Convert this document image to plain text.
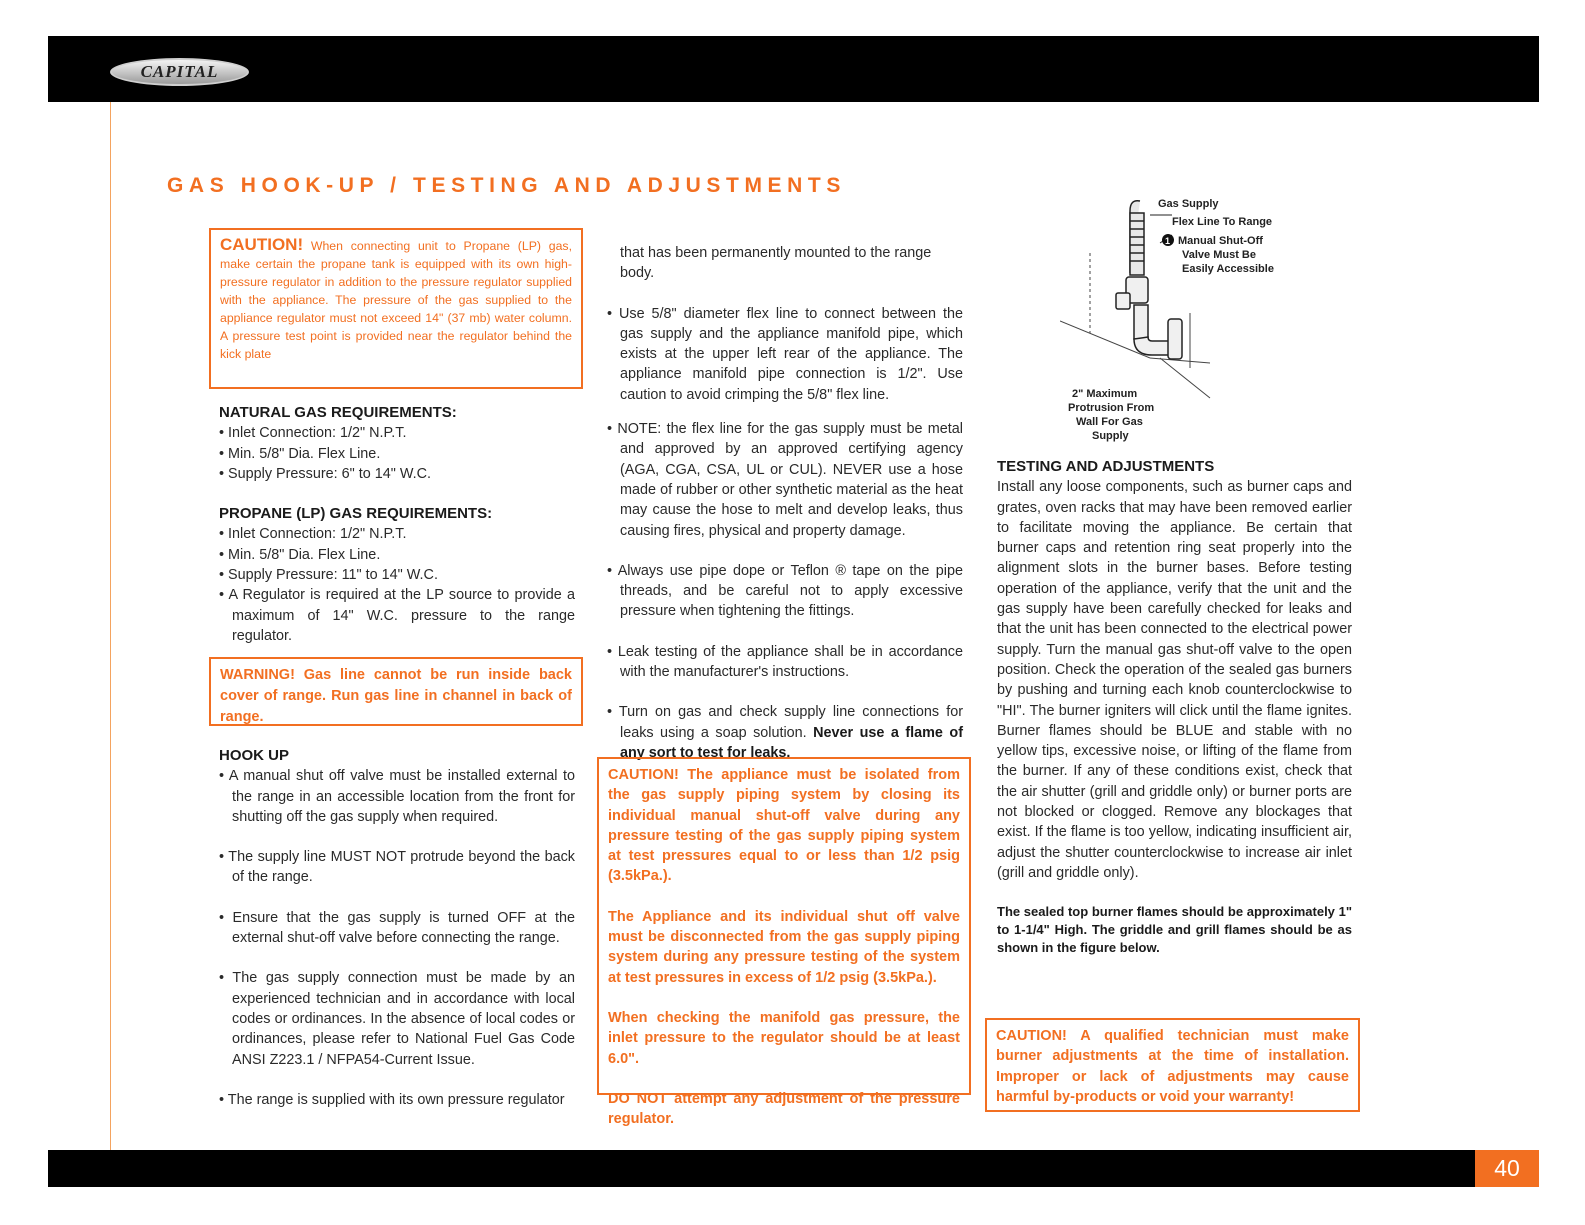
CAPITAL
GAS HOOK-UP / TESTING AND ADJUSTMENTS
CAUTION! When connecting unit to Propane (LP) gas, make certain the propane tank is equipped with its own high-pressure regulator in addition to the pressure regulator supplied with the appliance. The pressure of the gas supplied to the appliance regulator must not exceed 14" (37 mb) water column. A pressure test point is provided near the regulator behind the kick plate
NATURAL GAS REQUIREMENTS:

• Inlet Connection: 1/2" N.P.T.

• Min. 5/8" Dia. Flex Line.

• Supply Pressure: 6" to 14" W.C.

PROPANE (LP) GAS REQUIREMENTS:

• Inlet Connection: 1/2" N.P.T.

• Min. 5/8" Dia. Flex Line.

• Supply Pressure: 11" to 14" W.C.

• A Regulator is required at the LP source to provide a maximum of 14" W.C. pressure to the range regulator.

WARNING! Gas line cannot be run inside back cover of range. Run gas line in channel in back of range.
HOOK UP

• A manual shut off valve must be installed external to the range in an accessible location from the front for shutting off the gas supply when required.

• The supply line MUST NOT protrude beyond the back of the range.

• Ensure that the gas supply is turned OFF at the external shut-off valve before connecting the range.

• The gas supply connection must be made by an experienced technician and in accordance with local codes or ordinances. In the absence of local codes or ordinances, please refer to National Fuel Gas Code ANSI Z223.1 / NFPA54-Current Issue.

• The range is supplied with its own pressure regulator

that has been permanently mounted to the range body.

• Use 5/8" diameter flex line to connect between the gas supply and the appliance manifold pipe, which exists at the upper left rear of the appliance. The appliance manifold pipe connection is 1/2". Use caution to avoid crimping the 5/8" flex line.

• NOTE: the flex line for the gas supply must be metal and approved by an approved certifying agency (AGA, CGA, CSA, UL or CUL). NEVER use a hose made of rubber or other synthetic material as the heat may cause the hose to melt and develop leaks, thus causing fires, physical and property damage.

• Always use pipe dope or Teflon ® tape on the pipe threads, and be careful not to apply excessive pressure when tightening the fittings.

• Leak testing of the appliance shall be in accordance with the manufacturer's instructions.

• Turn on gas and check supply line connections for leaks using a soap solution. Never use a flame of any sort to test for leaks.

CAUTION! The appliance must be isolated from the gas supply piping system by closing its individual manual shut-off valve during any pressure testing of the gas supply piping system at test pressures equal to or less than 1/2 psig (3.5kPa.).

The Appliance and its individual shut off valve must be disconnected from the gas supply piping system during any pressure testing of the system at test pressures in excess of 1/2 psig (3.5kPa.).

When checking the manifold gas pressure, the inlet pressure to the regulator should be at least 6.0".

DO NOT attempt any adjustment of the pressure regulator.

Gas Supply
Flex Line To Range
1 Manual Shut-Off
Valve Must Be
Easily Accessible
2" Maximum
Protrusion From
Wall For Gas
Supply
TESTING AND ADJUSTMENTS

Install any loose components, such as burner caps and grates, oven racks that may have been removed earlier to facilitate moving the appliance. Be certain that burner caps and retention ring seat properly into the alignment slots in the burner bases. Before testing operation of the appliance, verify that the unit and the gas supply have been carefully checked for leaks and that the unit has been connected to the electrical power supply. Turn the manual gas shut-off valve to the open position. Check the operation of the sealed gas burners by pushing and turning each knob counterclockwise to "HI". The burner igniters will click until the flame ignites. Burner flames should be BLUE and stable with no yellow tips, excessive noise, or lifting of the flame from the burner. If any of these conditions exist, check that the air shutter (grill and griddle only) or burner ports are not blocked or clogged. Remove any blockages that exist. If the flame is too yellow, indicating insufficient air, adjust the shutter counterclockwise to increase air inlet (grill and griddle only).

The sealed top burner flames should be approximately 1" to 1-1/4" High. The griddle and grill flames should be as shown in the figure below.

CAUTION! A qualified technician must make burner adjustments at the time of installation. Improper or lack of adjustments may cause harmful by-products or void your warranty!
40
